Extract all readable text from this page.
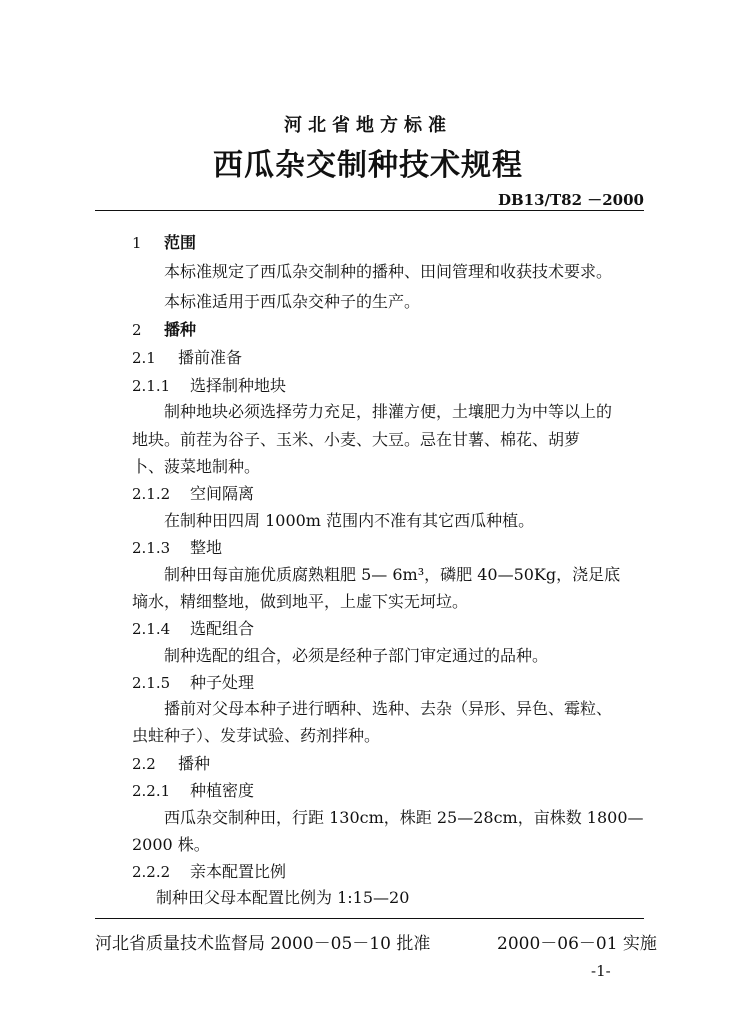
河北省地方标准
西瓜杂交制种技术规程
DB13/T82 －2000
1 范围
本标准规定了西瓜杂交制种的播种、田间管理和收获技术要求。
本标准适用于西瓜杂交种子的生产。
2 播种
2.1 播前准备
2.1.1 选择制种地块
制种地块必须选择劳力充足，排灌方便，土壤肥力为中等以上的
地块。前茬为谷子、玉米、小麦、大豆。忌在甘薯、棉花、胡萝
卜、菠菜地制种。
2.1.2 空间隔离
在制种田四周 1000m 范围内不准有其它西瓜种植。
2.1.3 整地
制种田每亩施优质腐熟粗肥 5— 6m³，磷肥 40—50Kg，浇足底
墒水，精细整地，做到地平，上虚下实无坷垃。
2.1.4 选配组合
制种选配的组合，必须是经种子部门审定通过的品种。
2.1.5 种子处理
播前对父母本种子进行晒种、选种、去杂（异形、异色、霉粒、
虫蛀种子）、发芽试验、药剂拌种。
2.2 播种
2.2.1 种植密度
西瓜杂交制种田，行距 130cm，株距 25—28cm，亩株数 1800—
2000 株。
2.2.2 亲本配置比例
制种田父母本配置比例为 1:15—20
河北省质量技术监督局 2000－05－10 批准	2000－06－01 实施
-1-
